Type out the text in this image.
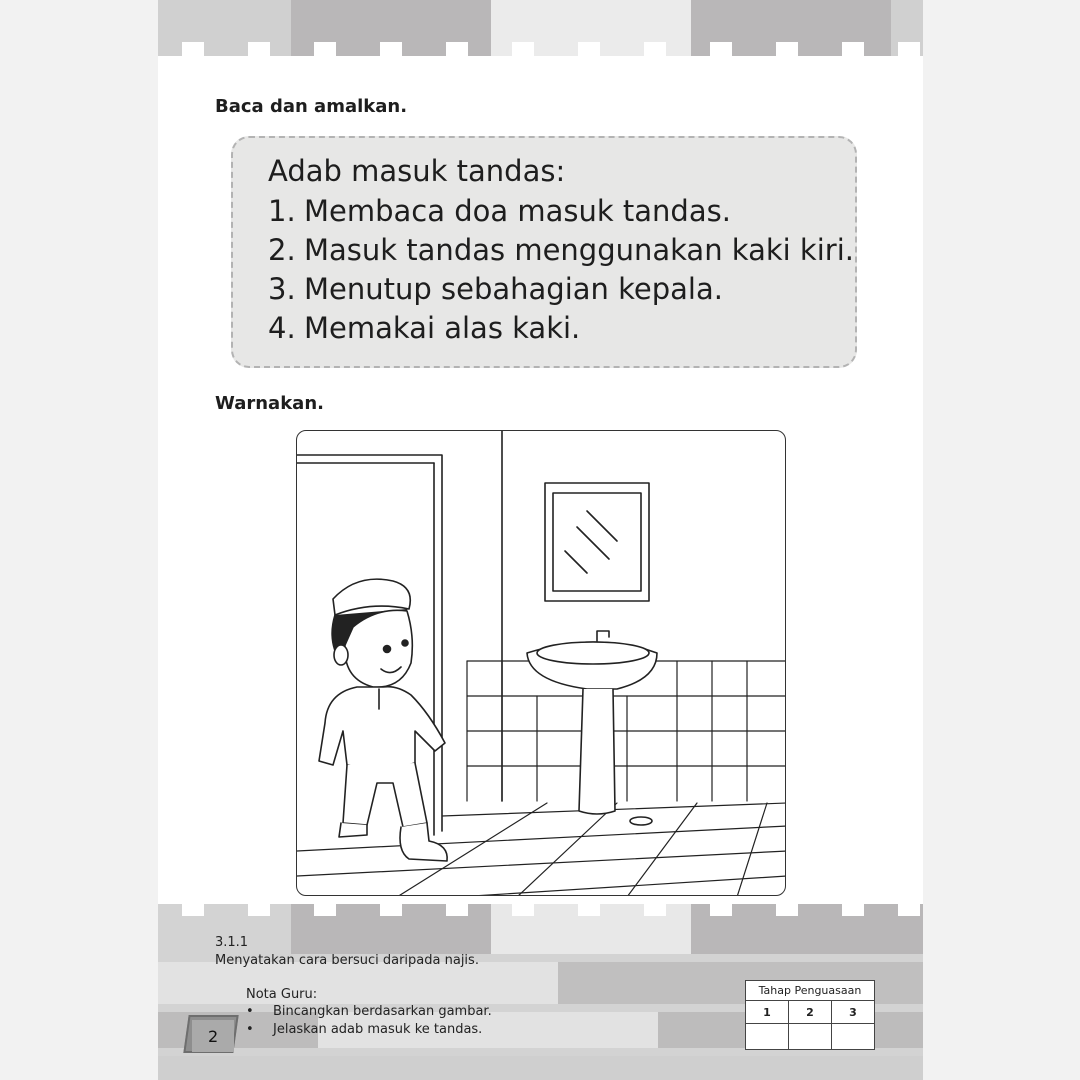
Baca dan amalkan.
Adab masuk tandas:
1. Membaca doa masuk tandas.
2. Masuk tandas menggunakan kaki kiri.
3. Menutup sebahagian kepala.
4. Memakai alas kaki.
Warnakan.
3.1.1
Menyatakan cara bersuci daripada najis.
Nota Guru:
• Bincangkan berdasarkan gambar.
• Jelaskan adab masuk ke tandas.
2
Tahap Penguasaan		
1	2	3
